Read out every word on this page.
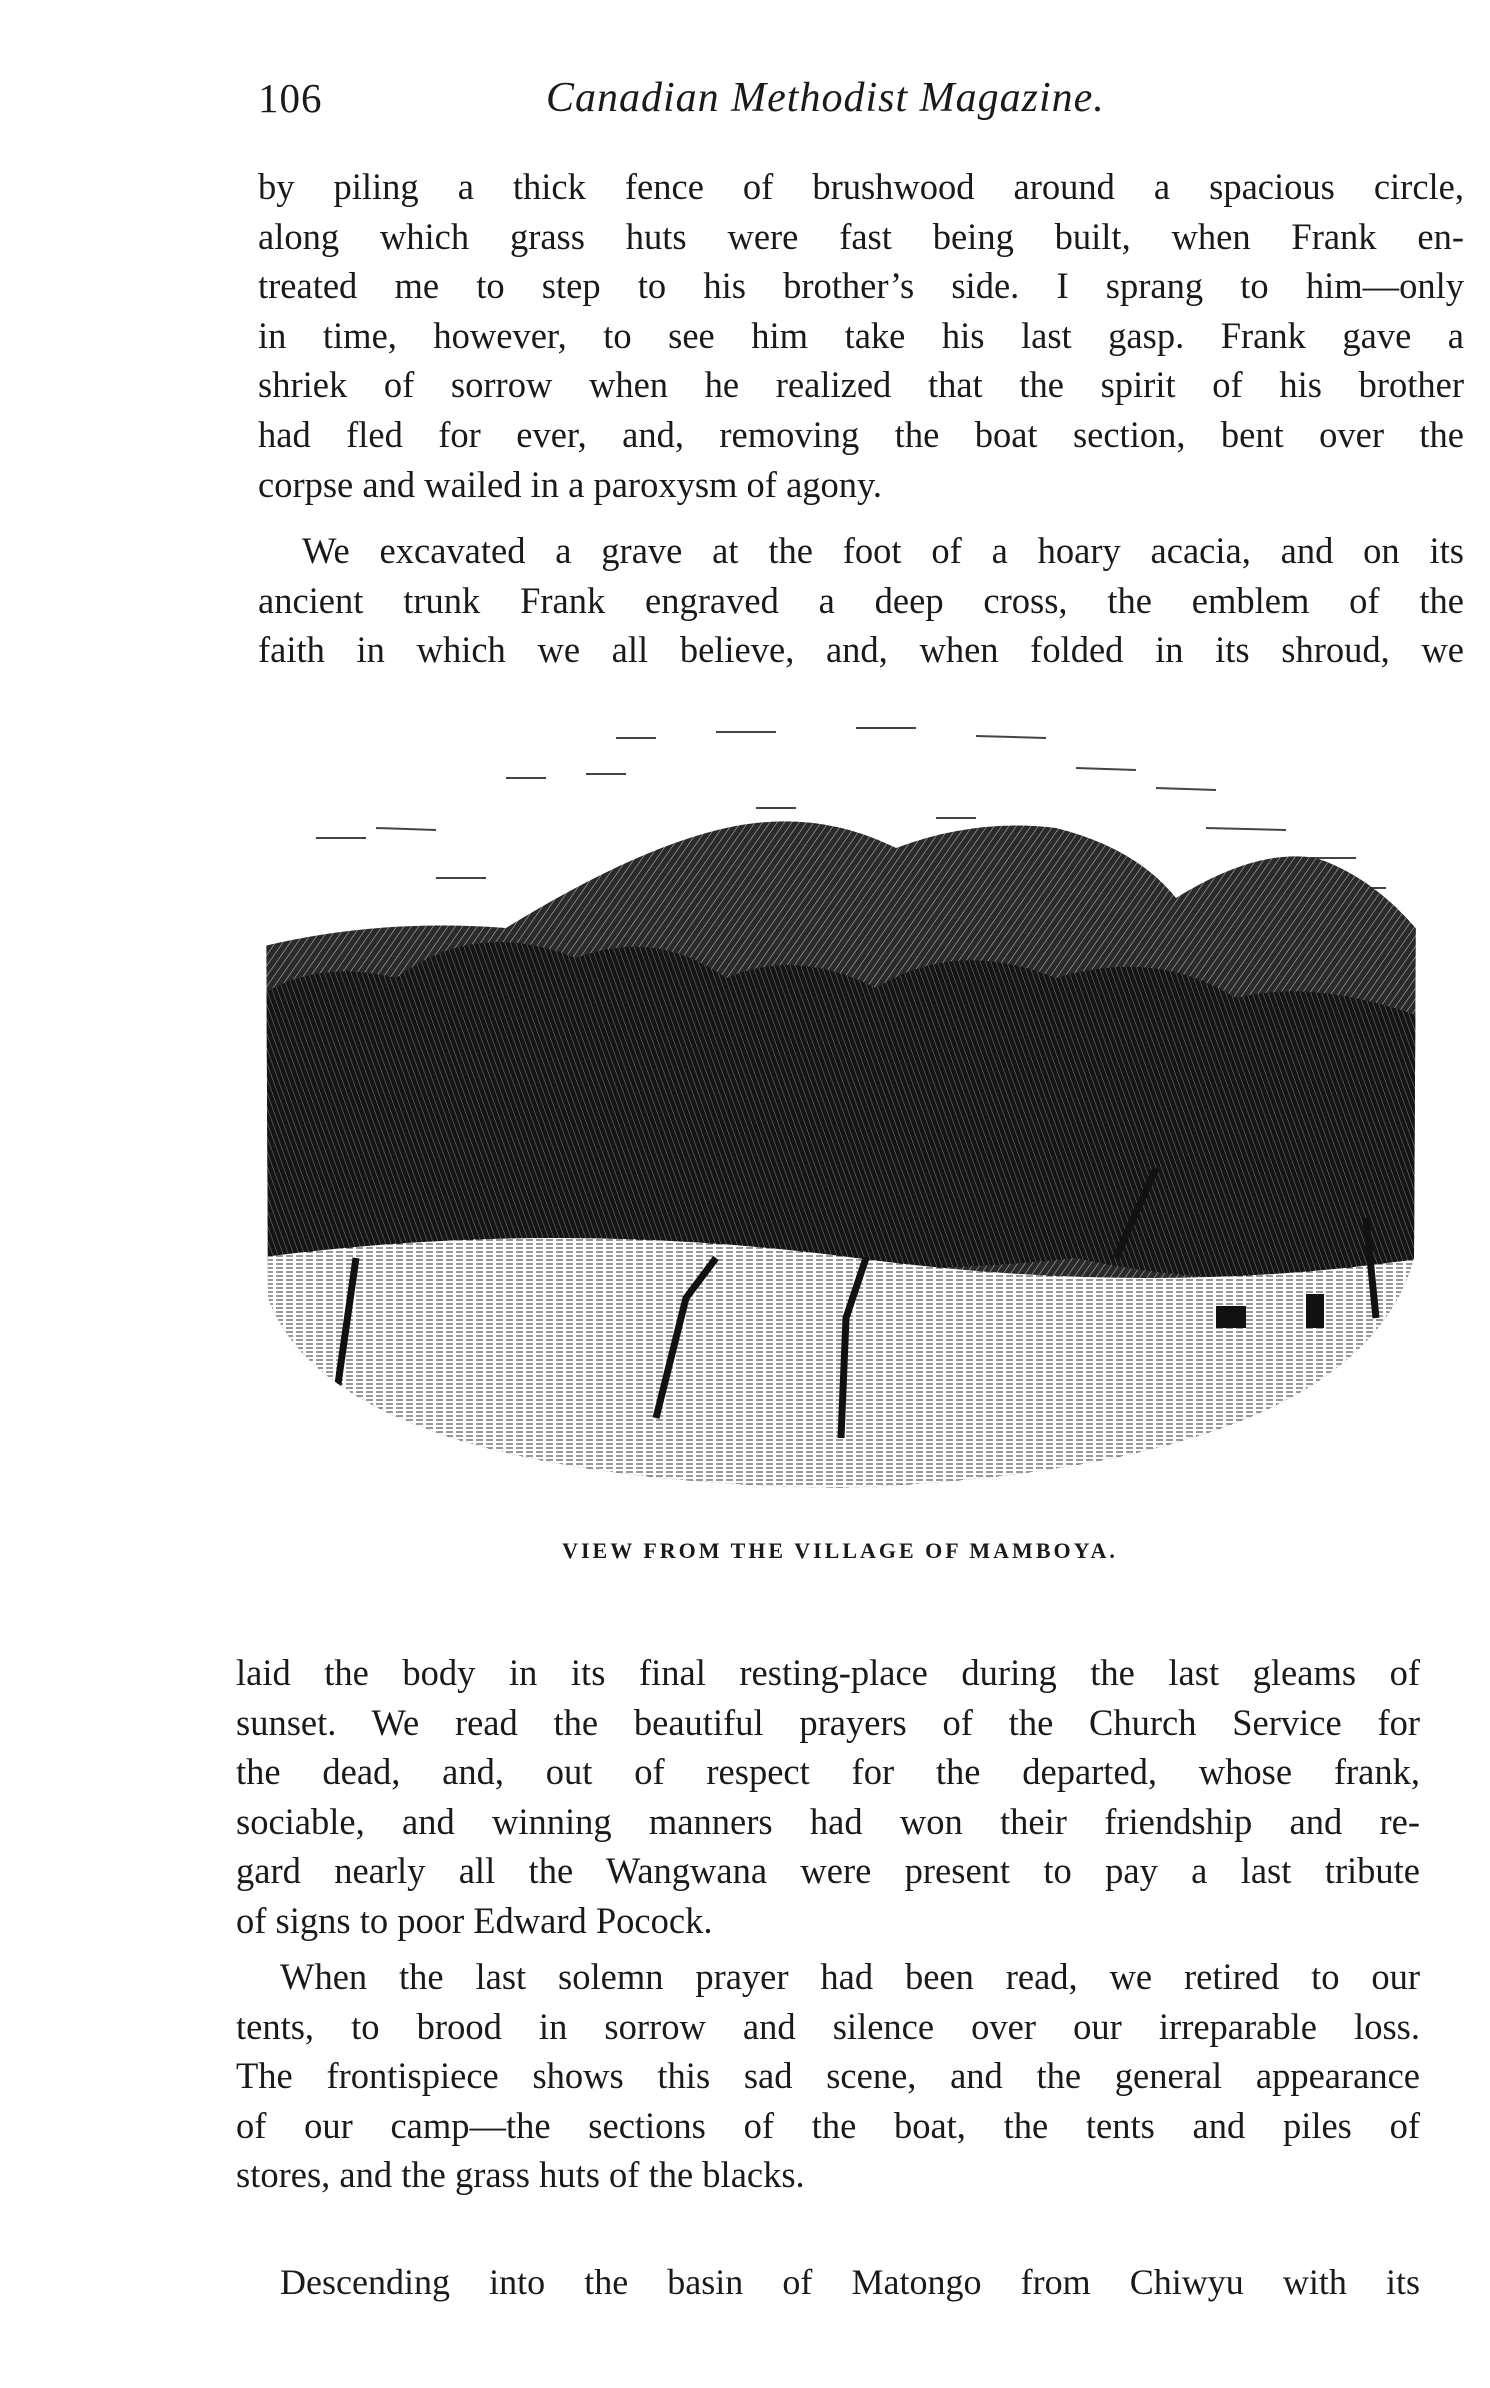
106	Canadian Methodist Magazine.

by piling a thick fence of brushwood around a spacious circle,
along which grass huts were fast being built, when Frank en-
treated me to step to his brother’s side. I sprang to him—only
in time, however, to see him take his last gasp. Frank gave a
shriek of sorrow when he realized that the spirit of his brother
had fled for ever, and, removing the boat section, bent over the
corpse and wailed in a paroxysm of agony.

We excavated a grave at the foot of a hoary acacia, and on its
ancient trunk Frank engraved a deep cross, the emblem of the
faith in which we all believe, and, when folded in its shroud, we

VIEW FROM THE VILLAGE OF MAMBOYA.

laid the body in its final resting-place during the last gleams of
sunset. We read the beautiful prayers of the Church Service for
the dead, and, out of respect for the departed, whose frank,
sociable, and winning manners had won their friendship and re-
gard nearly all the Wangwana were present to pay a last tribute
of signs to poor Edward Pocock.

When the last solemn prayer had been read, we retired to our
tents, to brood in sorrow and silence over our irreparable loss.
The frontispiece shows this sad scene, and the general appearance
of our camp—the sections of the boat, the tents and piles of
stores, and the grass huts of the blacks.

Descending into the basin of Matongo from Chiwyu with its
